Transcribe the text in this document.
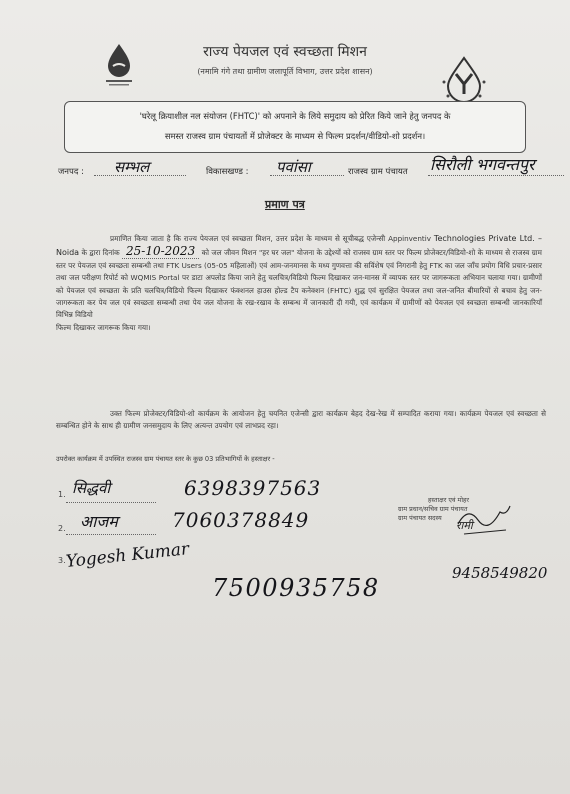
राज्य पेयजल एवं स्वच्छता मिशन
(नमामि गंगे तथा ग्रामीण जलापूर्ति विभाग, उत्तर प्रदेश शासन)
'घरेलू क्रियाशील नल संयोजन (FHTC)' को अपनाने के लिये समुदाय को प्रेरित किये जाने हेतु जनपद के
समस्त राजस्व ग्राम पंचायतों में प्रोजेक्टर के माध्यम से फिल्म प्रदर्शन/वीडियो-शो प्रदर्शन।
जनपद : सम्भल	विकासखण्ड : पवांसा	राजस्व ग्राम पंचायत सिरौली भगवन्तपुर
प्रमाण पत्र

प्रमाणित किया जाता है कि राज्य पेयजल एवं स्वच्छता मिशन, उत्तर प्रदेश के माध्यम से सूचीबद्ध एजेन्सी Appinventiv Technologies Private Ltd. – Noida के द्वारा दिनांक 25-10-2023 को जल जीवन मिशन "हर घर जल" योजना के उद्देश्यों को राजस्व ग्राम स्तर पर फिल्म प्रोजेक्टर/विडियो-शो के माध्यम से राजस्व ग्राम स्तर पर पेयजल एवं स्वच्छता सम्बन्धी तथा FTK Users (05-05 महिलाओं) एवं आम-जनमानस के मध्य गुणवत्ता की सविंशेष एवं निगरानी हेतु FTK का जल जाँच प्रयोग विधि प्रचार-प्रसार तथा जल परीक्षण रिपोर्ट को WQMIS Portal पर डाटा अपलोड किया जाने हेतु चलचित्र/विडियो फिल्म दिखाकर जन-मानस में व्यापक स्तर पर जागरूकता अभियान चलाया गया। ग्रामीणों को पेयजल एवं स्वच्छता के प्रति चलचित्र/विडियो फिल्म दिखाकर फंक्शनल हाउस होल्ड टैप कनेक्शन (FHTC) शुद्ध एवं सुरक्षित पेयजल तथा जल-जनित बीमारियों से बचाव हेतु जन-जागरूकता कर पेय जल एवं स्वच्छता सम्बन्धी तथा पेय जल योजना के रख-रखाव के सम्बन्ध में जानकारी दी गयी, एवं कार्यक्रम में ग्रामीणों को पेयजल एवं स्वच्छता सम्बन्धी जानकारियाँ विभिन्न विडियो

फिल्म दिखाकर जागरूक किया गया।

उक्त फिल्म प्रोजेक्टर/विडियो-शो कार्यक्रम के आयोजन हेतु चयनित एजेन्सी द्वारा कार्यक्रम बेहद देख-रेख में सम्पादित कराया गया। कार्यक्रम पेयजल एवं स्वच्छता से सम्बन्धित होने के साथ ही ग्रामीण जनसमुदाय के लिए अत्यन्त उपयोग एवं लाभप्रद रहा।

उपरोक्त कार्यक्रम में उपस्थित राजस्व ग्राम पंचायत स्तर के कुछ 03 प्रतिभागियों के हस्ताक्षर -
1. सिद्धवी	6398397563
2. आजम	7060378849
3. Yogesh Kumar
7500935758
9458549820
हस्ताक्षर एवं मोहर
ग्राम प्रधान/सचिव ग्राम पंचायत
ग्राम पंचायत सदस्य
रामी
